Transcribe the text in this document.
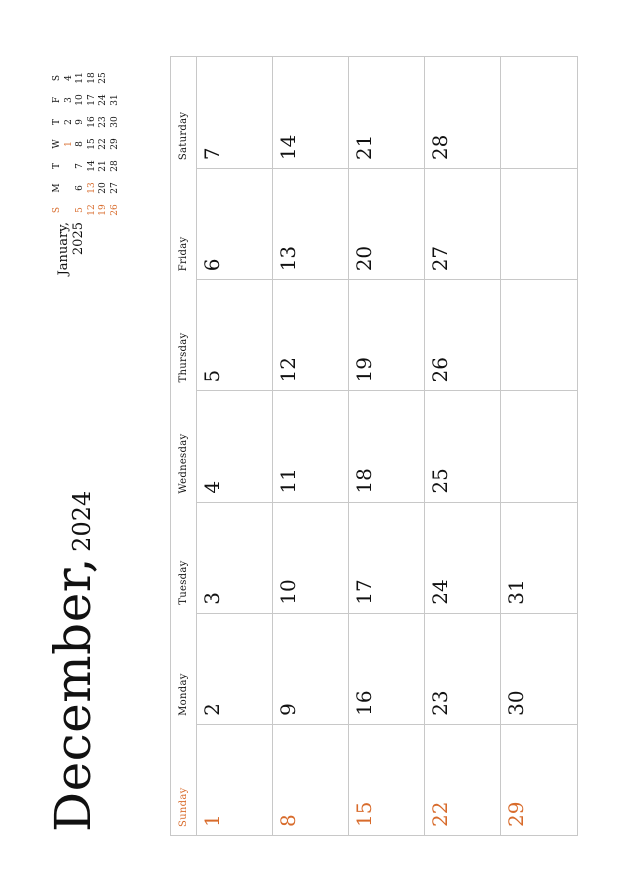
December, 2024
January, 2025
S
M
T
W
T
F
S
1
2
3
4
5
6
7
8
9
10
11
12
13
14
15
16
17
18
19
20
21
22
23
24
25
26
27
28
29
30
31
Sunday
Monday
Tuesday
Wednesday
Thursday
Friday
Saturday
1
2
3
4
5
6
7
8
9
10
11
12
13
14
15
16
17
18
19
20
21
22
23
24
25
26
27
28
29
30
31
